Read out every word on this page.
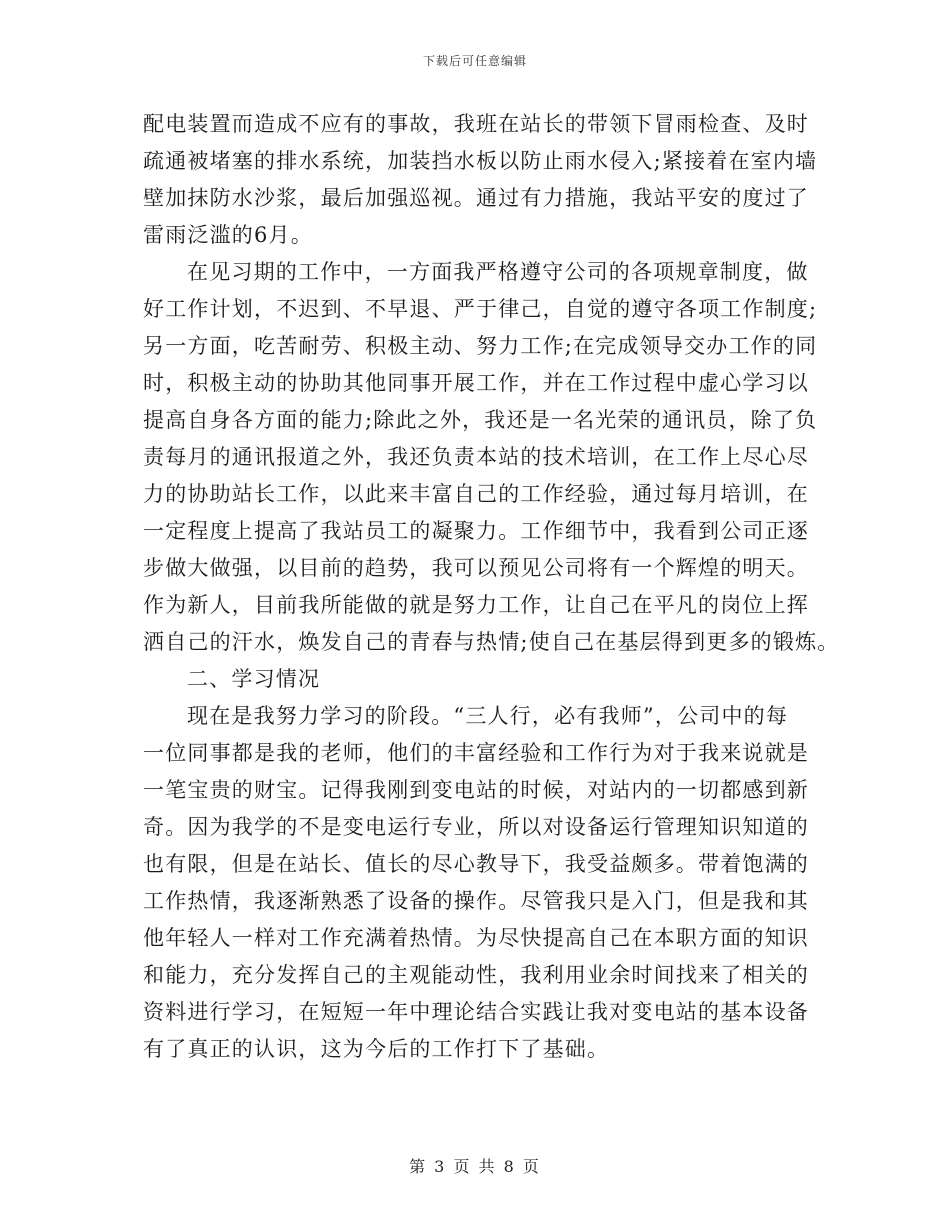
下载后可任意编辑
配电装置而造成不应有的事故，我班在站长的带领下冒雨检查、及时
疏通被堵塞的排水系统，加装挡水板以防止雨水侵入;紧接着在室内墙
壁加抹防水沙浆，最后加强巡视。通过有力措施，我站平安的度过了
雷雨泛滥的6月。
在见习期的工作中，一方面我严格遵守公司的各项规章制度，做
好工作计划，不迟到、不早退、严于律己，自觉的遵守各项工作制度;
另一方面，吃苦耐劳、积极主动、努力工作;在完成领导交办工作的同
时，积极主动的协助其他同事开展工作，并在工作过程中虚心学习以
提高自身各方面的能力;除此之外，我还是一名光荣的通讯员，除了负
责每月的通讯报道之外，我还负责本站的技术培训，在工作上尽心尽
力的协助站长工作，以此来丰富自己的工作经验，通过每月培训，在
一定程度上提高了我站员工的凝聚力。工作细节中，我看到公司正逐
步做大做强，以目前的趋势，我可以预见公司将有一个辉煌的明天。
作为新人，目前我所能做的就是努力工作，让自己在平凡的岗位上挥
洒自己的汗水，焕发自己的青春与热情;使自己在基层得到更多的锻炼。
二、学习情况
现在是我努力学习的阶段。“三人行，必有我师”，公司中的每
一位同事都是我的老师，他们的丰富经验和工作行为对于我来说就是
一笔宝贵的财宝。记得我刚到变电站的时候，对站内的一切都感到新
奇。因为我学的不是变电运行专业，所以对设备运行管理知识知道的
也有限，但是在站长、值长的尽心教导下，我受益颇多。带着饱满的
工作热情，我逐渐熟悉了设备的操作。尽管我只是入门，但是我和其
他年轻人一样对工作充满着热情。为尽快提高自己在本职方面的知识
和能力，充分发挥自己的主观能动性，我利用业余时间找来了相关的
资料进行学习，在短短一年中理论结合实践让我对变电站的基本设备
有了真正的认识，这为今后的工作打下了基础。
第 3 页 共 8 页
